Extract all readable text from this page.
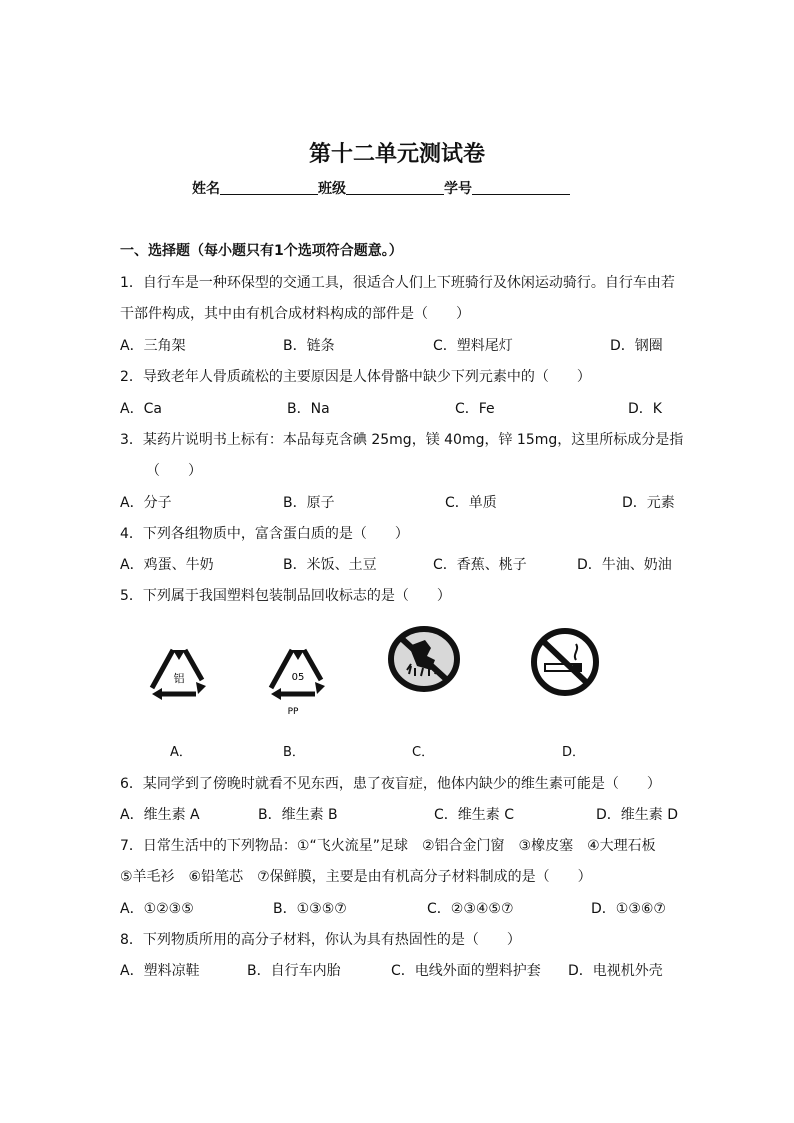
第十二单元测试卷
姓名	班级	学号
一、选择题（每小题只有1个选项符合题意。）
1．自行车是一种环保型的交通工具，很适合人们上下班骑行及休闲运动骑行。自行车由若
干部件构成，其中由有机合成材料构成的部件是（　　）
A．三角架	B．链条	C．塑料尾灯	D．钢圈
2．导致老年人骨质疏松的主要原因是人体骨骼中缺少下列元素中的（　　）
A．Ca	B．Na	C．Fe	D．K
3．某药片说明书上标有：本品每克含碘 25mg，镁 40mg，锌 15mg，这里所标成分是指
（　　）
A．分子	B．原子	C．单质	D．元素
4．下列各组物质中，富含蛋白质的是（　　）
A．鸡蛋、牛奶	B．米饭、土豆	C．香蕉、桃子	D．牛油、奶油
5．下列属于我国塑料包装制品回收标志的是（　　）
铝	05
PP
A．	B．	C．	D．
6．某同学到了傍晚时就看不见东西，患了夜盲症，他体内缺少的维生素可能是（　　）
A．维生素 A	B．维生素 B	C．维生素 C	D．维生素 D
7．日常生活中的下列物品：①“飞火流星”足球　②铝合金门窗　③橡皮塞　④大理石板
⑤羊毛衫　⑥铅笔芯　⑦保鲜膜，主要是由有机高分子材料制成的是（　　）
A．①②③⑤	B．①③⑤⑦	C．②③④⑤⑦	D．①③⑥⑦
8．下列物质所用的高分子材料，你认为具有热固性的是（　　）
A．塑料凉鞋	B．自行车内胎	C．电线外面的塑料护套 D．电视机外壳
